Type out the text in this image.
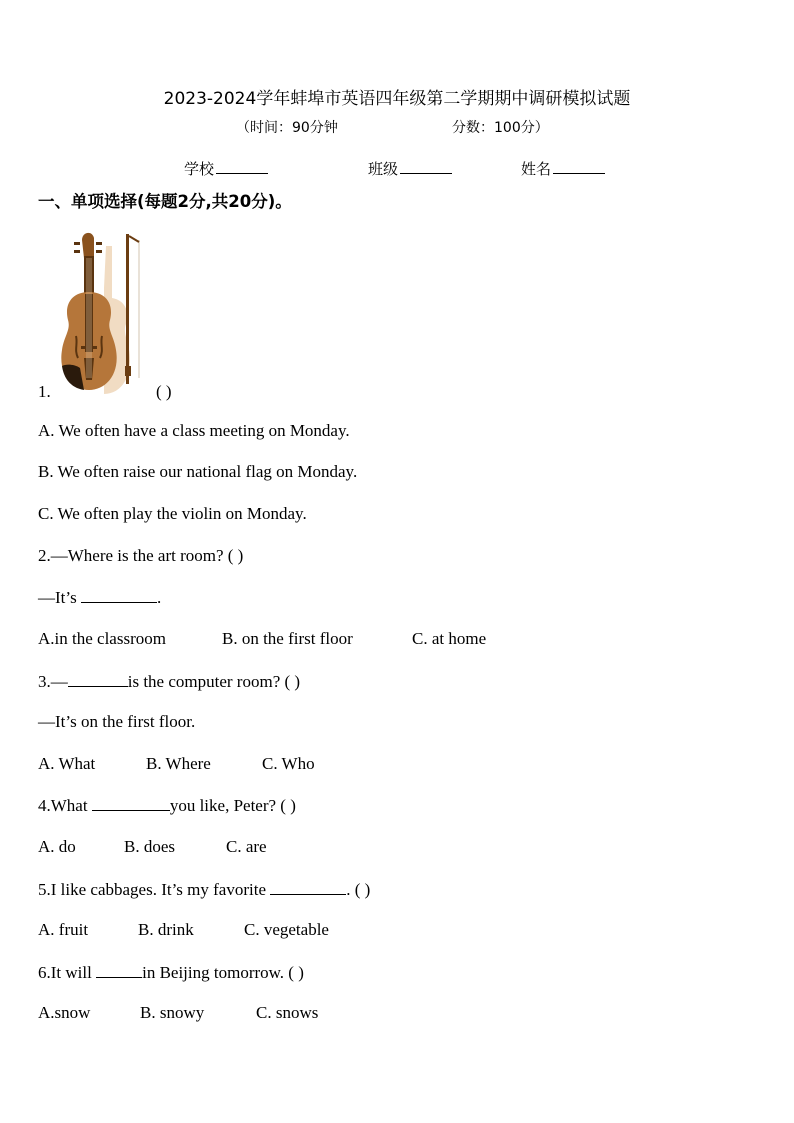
2023-2024学年蚌埠市英语四年级第二学期期中调研模拟试题
（时间：90分钟	分数：100分）
学校	班级	姓名
一、单项选择(每题2分,共20分)。
1.	( )
A. We often have a class meeting on Monday.
B. We often raise our national flag on Monday.
C. We often play the violin on Monday.
2.—Where is the art room? ( )
—It’s	.
A.in the classroom	B. on the first floor	C. at home
3.—	is the computer room? ( )
—It’s on the first floor.
A. What	B. Where	C. Who
4.What	you like, Peter? ( )
A. do	B. does	C. are
5.I like cabbages. It’s my favorite	. ( )
A. fruit	B. drink	C. vegetable
6.It will	in Beijing tomorrow. ( )
A.snow	B. snowy	C. snows
